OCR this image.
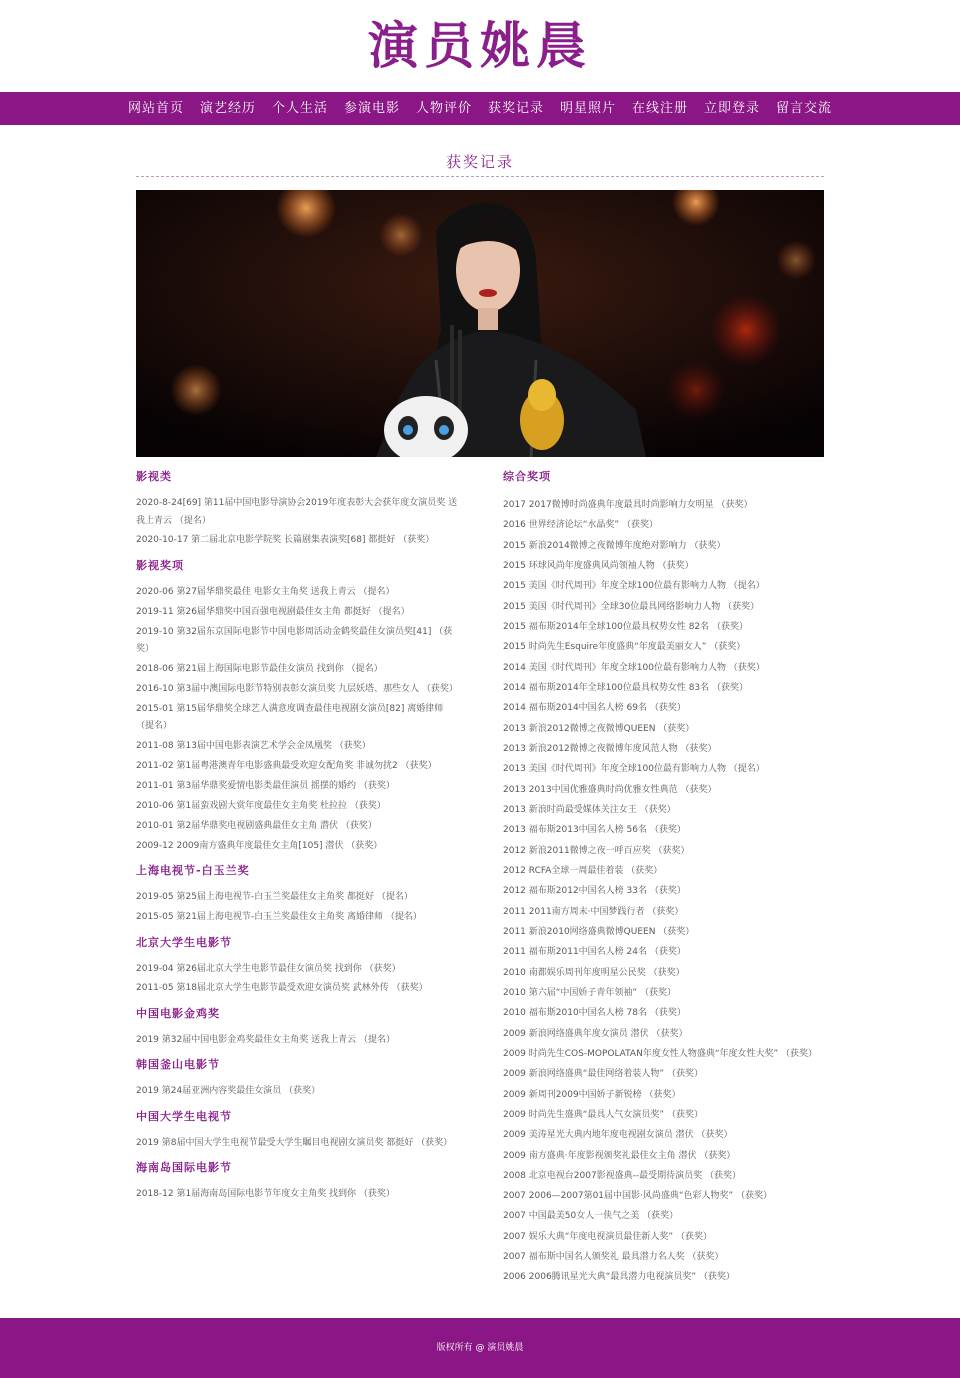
演员姚晨
网站首页	演艺经历	个人生活	参演电影	人物评价	获奖记录	明星照片	在线注册	立即登录	留言交流
获奖记录
影视类
2020-8-24[69] 第11届中国电影导演协会2019年度表彰大会获年度女演员奖 送我上青云 （提名）
2020-10-17 第二届北京电影学院奖 长篇剧集表演奖[68] 都挺好 （获奖）
影视奖项
2020-06 第27届华鼎奖最佳 电影女主角奖 送我上青云 （提名）
2019-11 第26届华鼎奖中国百强电视剧最佳女主角 都挺好 （提名）
2019-10 第32届东京国际电影节中国电影周活动金鹤奖最佳女演员奖[41] （获奖）
2018-06 第21届上海国际电影节最佳女演员 找到你 （提名）
2016-10 第3届中澳国际电影节特别表彰女演员奖 九层妖塔、那些女人 （获奖）
2015-01 第15届华鼎奖全球艺人满意度调查最佳电视剧女演员[82] 离婚律师 （提名）
2011-08 第13届中国电影表演艺术学会金凤凰奖 （获奖）
2011-02 第1届粤港澳青年电影盛典最受欢迎女配角奖 非诚勿扰2 （获奖）
2011-01 第3届华鼎奖爱情电影类最佳演员 摇摆的婚约 （获奖）
2010-06 第1届蛮戏剧大赏年度最佳女主角奖 杜拉拉 （获奖）
2010-01 第2届华鼎奖电视剧盛典最佳女主角 潜伏 （获奖）
2009-12 2009南方盛典年度最佳女主角[105] 潜伏 （获奖）
上海电视节-白玉兰奖
2019-05 第25届上海电视节-白玉兰奖最佳女主角奖 都挺好 （提名）
2015-05 第21届上海电视节-白玉兰奖最佳女主角奖 离婚律师 （提名）
北京大学生电影节
2019-04 第26届北京大学生电影节最佳女演员奖 找到你 （获奖）
2011-05 第18届北京大学生电影节最受欢迎女演员奖 武林外传 （获奖）
中国电影金鸡奖
2019 第32届中国电影金鸡奖最佳女主角奖 送我上青云 （提名）
韩国釜山电影节
2019 第24届亚洲内容奖最佳女演员 （获奖）
中国大学生电视节
2019 第8届中国大学生电视节最受大学生瞩目电视剧女演员奖 都挺好 （获奖）
海南岛国际电影节
2018-12 第1届海南岛国际电影节年度女主角奖 找到你 （获奖）
综合奖项
2017 2017微博时尚盛典年度最具时尚影响力女明星 （获奖）
2016 世界经济论坛“水晶奖” （获奖）
2015 新浪2014微博之夜微博年度绝对影响力 （获奖）
2015 环球风尚年度盛典风尚领袖人物 （获奖）
2015 美国《时代周刊》年度全球100位最有影响力人物 （提名）
2015 美国《时代周刊》全球30位最具网络影响力人物 （获奖）
2015 福布斯2014年全球100位最具权势女性 82名 （获奖）
2015 时尚先生Esquire年度盛典“年度最美丽女人” （获奖）
2014 美国《时代周刊》年度全球100位最有影响力人物 （获奖）
2014 福布斯2014年全球100位最具权势女性 83名 （获奖）
2014 福布斯2014中国名人榜 69名 （获奖）
2013 新浪2012微博之夜微博QUEEN （获奖）
2013 新浪2012微博之夜微博年度风范人物 （获奖）
2013 美国《时代周刊》年度全球100位最有影响力人物 （提名）
2013 2013中国优雅盛典时尚优雅女性典范 （获奖）
2013 新浪时尚最受媒体关注女王 （获奖）
2013 福布斯2013中国名人榜 56名 （获奖）
2012 新浪2011微博之夜一呼百应奖 （获奖）
2012 RCFA全球一周最佳着装 （获奖）
2012 福布斯2012中国名人榜 33名 （获奖）
2011 2011南方周末·中国梦践行者 （获奖）
2011 新浪2010网络盛典微博QUEEN （获奖）
2011 福布斯2011中国名人榜 24名 （获奖）
2010 南都娱乐周刊年度明星公民奖 （获奖）
2010 第六届“中国娇子青年领袖” （获奖）
2010 福布斯2010中国名人榜 78名 （获奖）
2009 新浪网络盛典年度女演员 潜伏 （获奖）
2009 时尚先生COS-MOPOLATAN年度女性人物盛典“年度女性大奖” （获奖）
2009 新浪网络盛典“最佳网络着装人物” （获奖）
2009 新周刊2009中国娇子新锐榜 （获奖）
2009 时尚先生盛典“最具人气女演员奖” （获奖）
2009 美涛星光大典内地年度电视剧女演员 潜伏 （获奖）
2009 南方盛典·年度影视颁奖礼最佳女主角 潜伏 （获奖）
2008 北京电视台2007影视盛典--最受期待演员奖 （获奖）
2007 2006—2007第01届中国影·风尚盛典“色彩人物奖” （获奖）
2007 中国最美50女人一侠气之美 （获奖）
2007 娱乐大典“年度电视演员最佳新人奖” （获奖）
2007 福布斯中国名人颁奖礼 最具潜力名人奖 （获奖）
2006 2006腾讯星光大典“最具潜力电视演员奖” （获奖）
版权所有 @ 演员姚晨
